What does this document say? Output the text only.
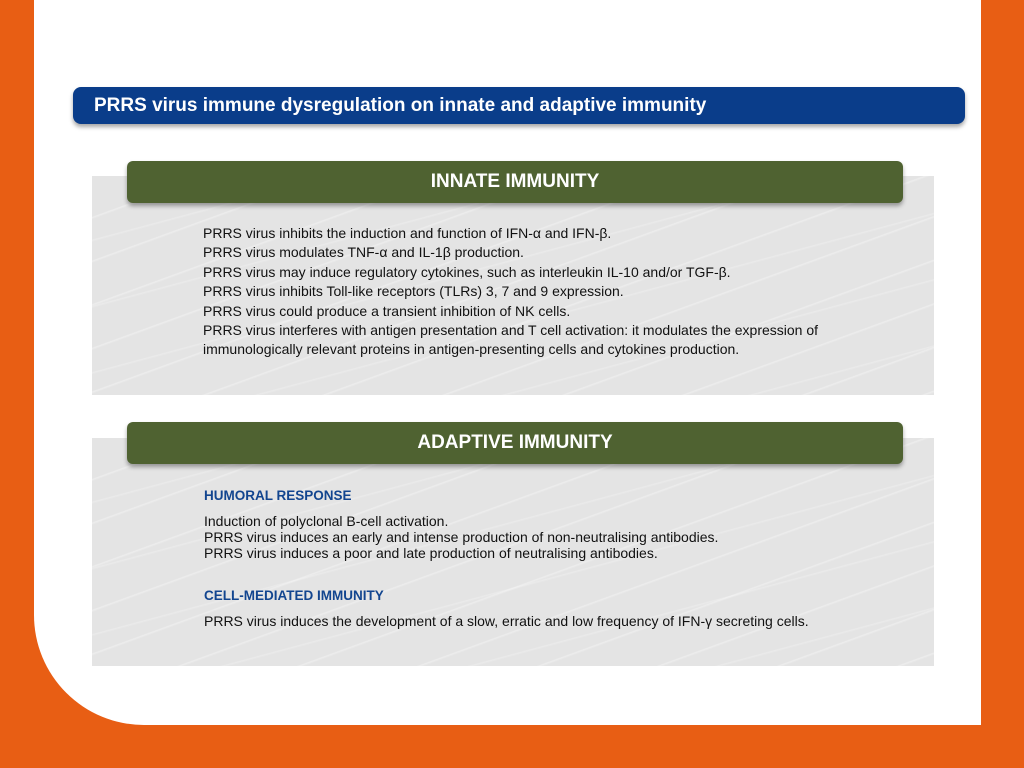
PRRS virus immune dysregulation on innate and adaptive immunity
INNATE IMMUNITY
PRRS virus inhibits the induction and function of IFN-α and IFN-β.
PRRS virus modulates TNF-α and IL-1β production.
PRRS virus may induce regulatory cytokines, such as interleukin IL-10 and/or TGF-β.
PRRS virus inhibits Toll-like receptors (TLRs) 3, 7 and 9 expression.
PRRS virus could produce a transient inhibition of NK cells.
PRRS virus interferes with antigen presentation and T cell activation: it modulates the expression of immunologically relevant proteins in antigen-presenting cells and cytokines production.
ADAPTIVE IMMUNITY
HUMORAL RESPONSE
Induction of polyclonal B-cell activation.
PRRS virus induces an early and intense production of non-neutralising antibodies.
PRRS virus induces a poor and late production of neutralising antibodies.
CELL-MEDIATED IMMUNITY
PRRS virus induces the development of a slow, erratic and low frequency of IFN-γ secreting cells.
